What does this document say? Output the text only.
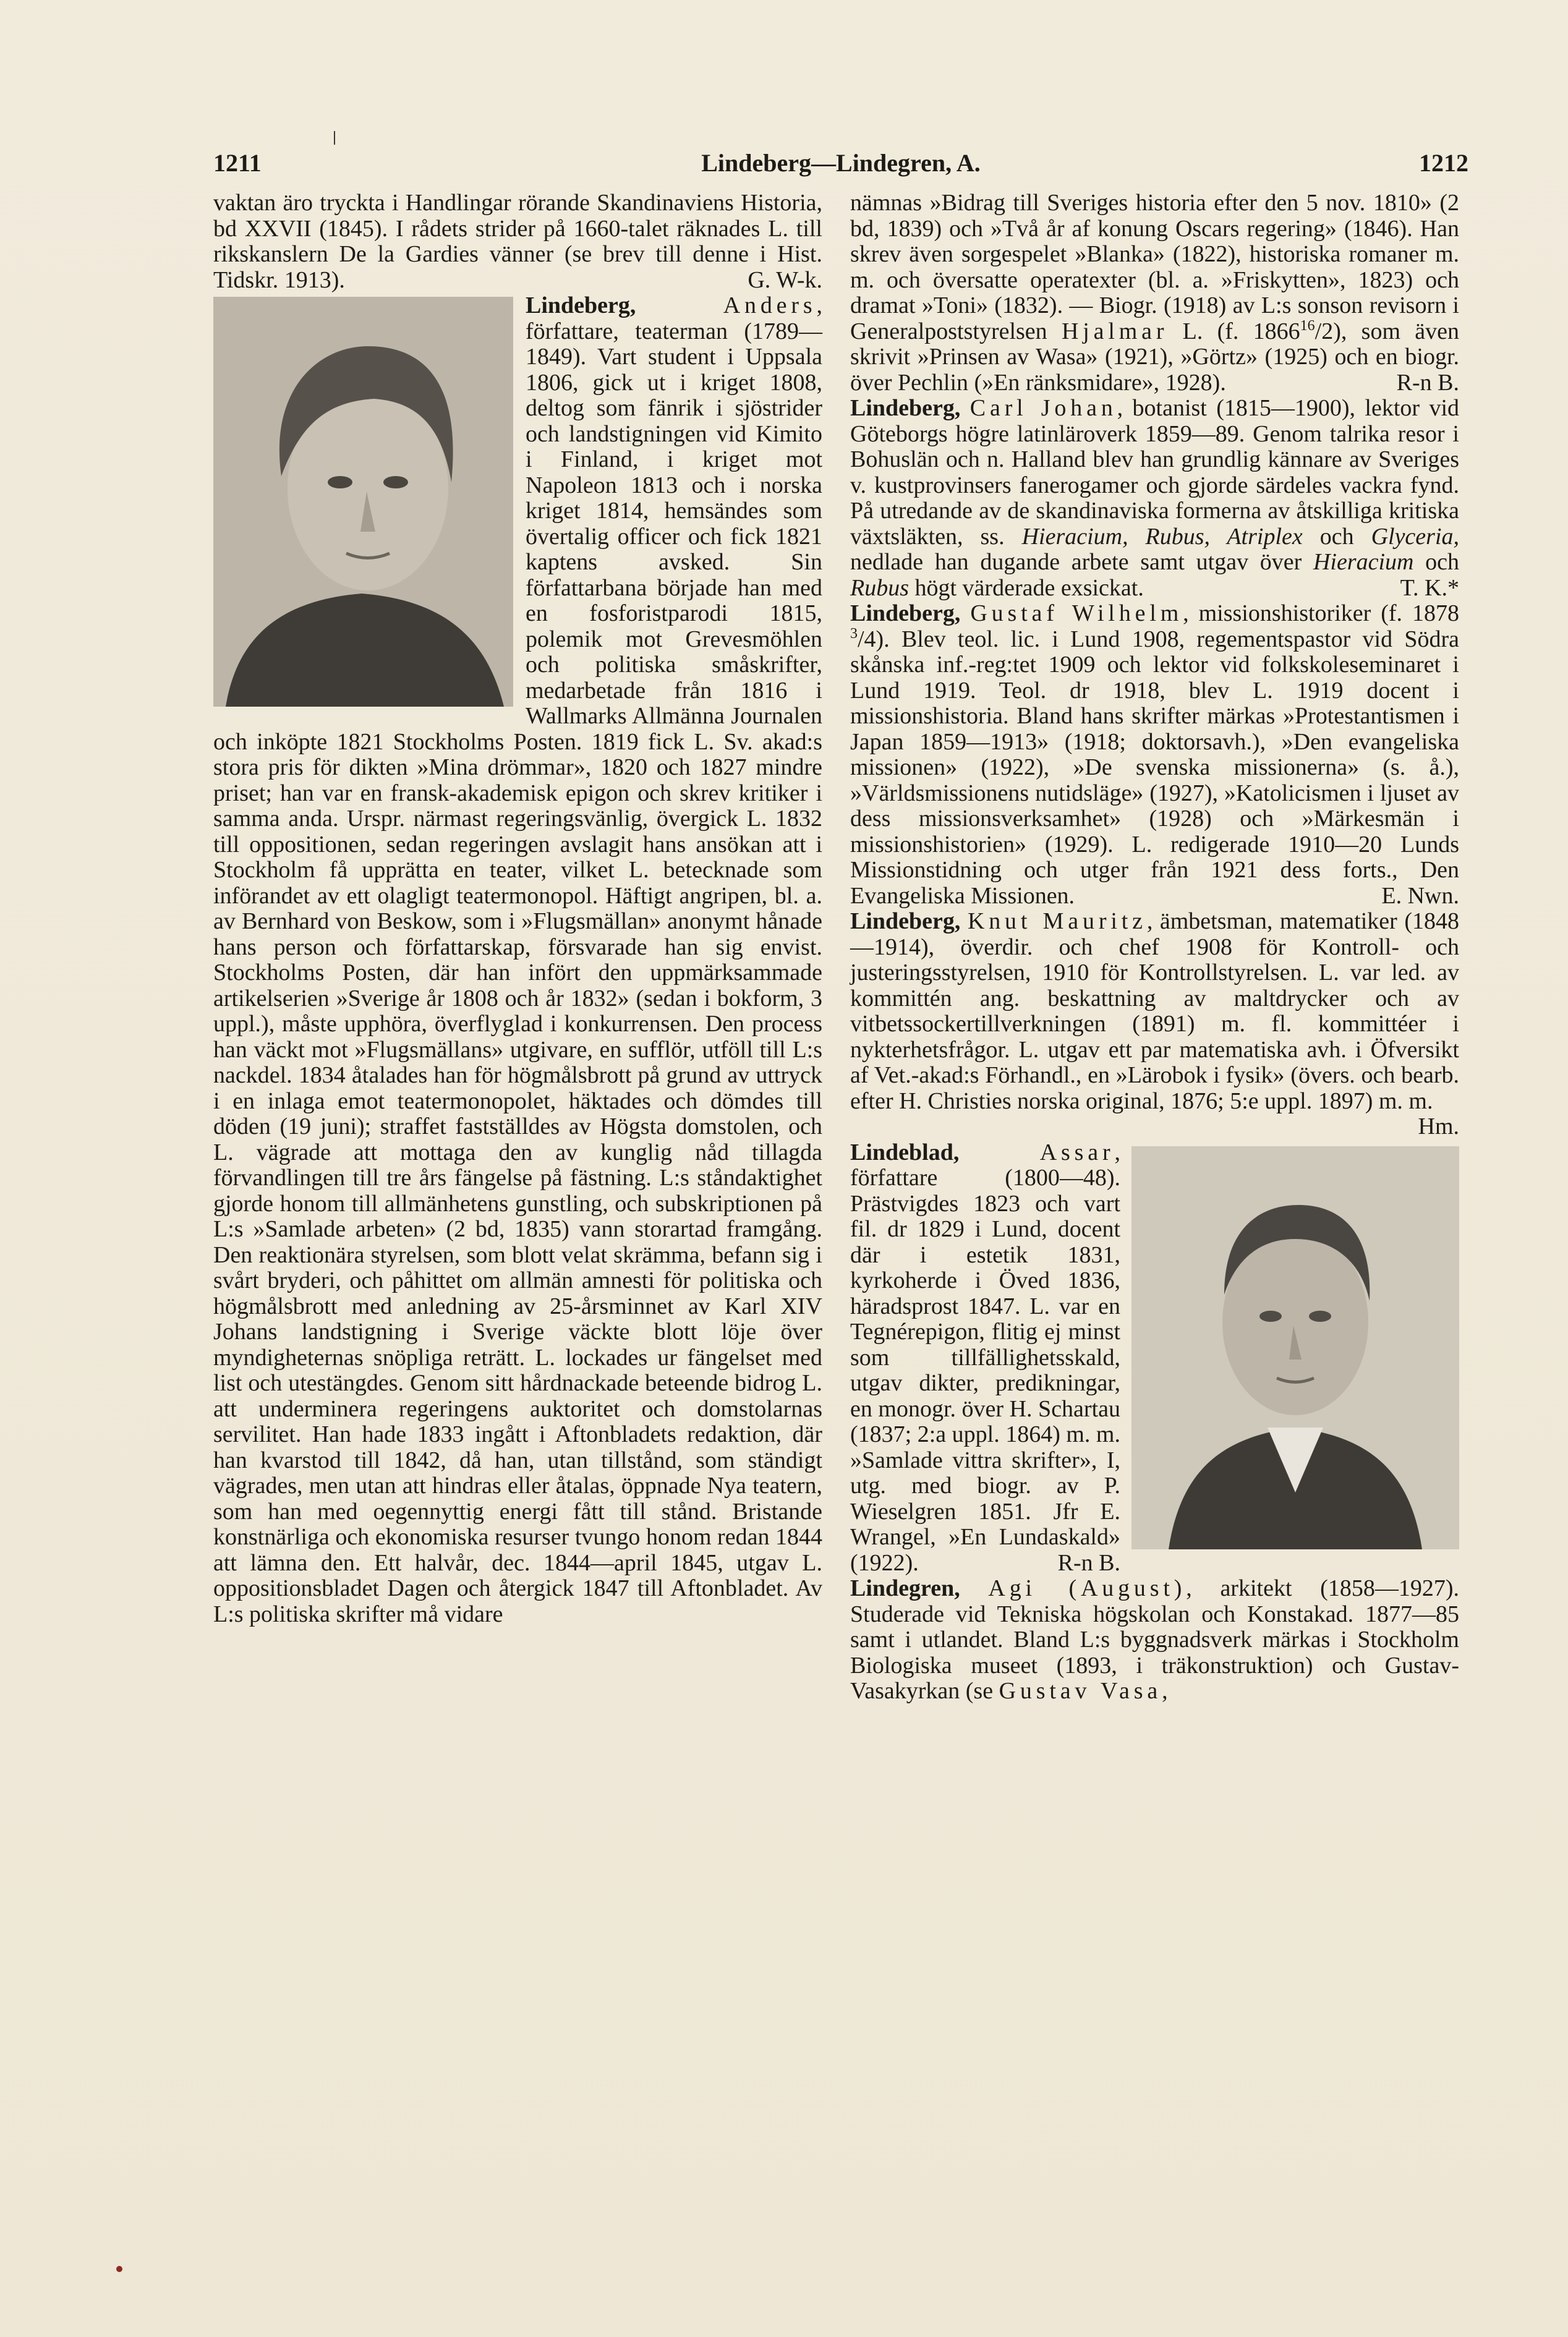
1211	Lindeberg—Lindegren, A.	1212

vaktan äro tryckta i Handlingar rörande Skandinaviens Historia, bd XXVII (1845). I rådets strider på 1660-talet räknades L. till rikskanslern De la Gardies vänner (se brev till denne i Hist. Tidskr. 1913).	G. W-k.

Lindeberg,	Anders
, författare, teaterman (1789—1849). Vart student i Uppsala 1806, gick ut i kriget 1808, deltog som fänrik i sjöstrider och landstigningen vid Kimito i Finland, i kriget mot Napoleon 1813 och i norska kriget 1814, hemsändes som övertalig officer och fick 1821 kaptens avsked. Sin författarbana började han med en fosforistparodi 1815, polemik mot Grevesmöhlen och politiska småskrifter, medarbetade från 1816 i Wallmarks Allmänna Journalen och inköpte 1821 Stockholms Posten. 1819 fick L. Sv. akad:s stora pris för dikten »Mina drömmar», 1820 och 1827 mindre priset; han var en fransk-akademisk epigon och skrev kritiker i samma anda. Urspr. närmast regeringsvänlig, övergick L. 1832 till oppositionen, sedan regeringen avslagit hans ansökan att i Stockholm få upprätta en teater, vilket L. betecknade som införandet av ett olagligt teatermonopol. Häftigt angripen, bl. a. av Bernhard von Beskow, som i »Flugsmällan» anonymt hånade hans person och författarskap, försvarade han sig envist. Stockholms Posten, där han infört den uppmärksammade artikelserien »Sverige år 1808 och år 1832» (sedan i bokform, 3 uppl.), måste upphöra, överflyglad i konkurrensen. Den process han väckt mot »Flugsmällans» utgivare, en sufflör, utföll till L:s nackdel. 1834 åtalades han för högmålsbrott på grund av uttryck i en inlaga emot teatermonopolet, häktades och dömdes till döden (19 juni); straffet fastställdes av Högsta domstolen, och L. vägrade att mottaga den av kunglig nåd tillagda förvandlingen till tre års fängelse på fästning. L:s ståndaktighet gjorde honom till allmänhetens gunstling, och subskriptionen på L:s »Samlade arbeten» (2 bd, 1835) vann storartad framgång. Den reaktionära styrelsen, som blott velat skrämma, befann sig i svårt bryderi, och påhittet om allmän amnesti för politiska och högmålsbrott med anledning av 25-årsminnet av Karl XIV Johans landstigning i Sverige väckte blott löje över myndigheternas snöpliga reträtt. L. lockades ur fängelset med list och utestängdes. Genom sitt hårdnackade beteende bidrog L. att underminera regeringens auktoritet och domstolarnas servilitet. Han hade 1833 ingått i Aftonbladets redaktion, där han kvarstod till 1842, då han, utan tillstånd, som ständigt vägrades, men utan att hindras eller åtalas, öppnade Nya teatern, som han med oegennyttig energi fått till stånd. Bristande konstnärliga och ekonomiska resurser tvungo honom redan 1844 att lämna den. Ett halvår, dec. 1844—april 1845, utgav L. oppositionsbladet Dagen och återgick 1847 till Aftonbladet. Av L:s politiska skrifter må vidare

nämnas »Bidrag till Sveriges historia efter den 5 nov. 1810» (2 bd, 1839) och »Två år af konung Oscars regering» (1846). Han skrev även sorgespelet »Blanka» (1822), historiska romaner m. m. och översatte operatexter (bl. a. »Friskytten», 1823) och dramat »Toni» (1832). — Biogr. (1918) av L:s sonson revisorn i Generalpoststyrelsen Hjalmar L. (f. 1866$^{16}$/2), som även skrivit »Prinsen av Wasa» (1921), »Görtz» (1925) och en biogr. över Pechlin (»En ränksmidare», 1928).	R-n B.

Lindeberg, Carl Johan, botanist (1815—1900), lektor vid Göteborgs högre latinläroverk 1859—89. Genom talrika resor i Bohuslän och n. Halland blev han grundlig kännare av Sveriges v. kustprovinsers fanerogamer och gjorde särdeles vackra fynd. På utredande av de skandinaviska formerna av åtskilliga kritiska växtsläkten, ss. Hieracium, Rubus, Atriplex och Glyceria, nedlade han dugande arbete samt utgav över Hieracium och Rubus högt värderade exsickat.	T. K.*

Lindeberg, Gustaf Wilhelm, missionshistoriker (f. 1878 $^3$/4). Blev teol. lic. i Lund 1908, regementspastor vid Södra skånska inf.-reg:tet 1909 och lektor vid folkskoleseminaret i Lund 1919. Teol. dr 1918, blev L. 1919 docent i missionshistoria. Bland hans skrifter märkas »Protestantismen i Japan 1859—1913» (1918; doktorsavh.), »Den evangeliska missionen» (1922), »De svenska missionerna» (s. å.), »Världsmissionens nutidsläge» (1927), »Katolicismen i ljuset av dess missionsverksamhet» (1928) och »Märkesmän i missionshistorien» (1929). L. redigerade 1910—20 Lunds Missionstidning och utger från 1921 dess forts., Den Evangeliska Missionen.	E. Nwn.

Lindeberg, Knut Mauritz, ämbetsman, matematiker (1848—1914), överdir. och chef 1908 för Kontroll- och justeringsstyrelsen, 1910 för Kontrollstyrelsen. L. var led. av kommittén ang. beskattning av maltdrycker och av vitbetssockertillverkningen (1891) m. fl. kommittéer i nykterhetsfrågor. L. utgav ett par matematiska avh. i Öfversikt af Vet.-akad:s Förhandl., en »Lärobok i fysik» (övers. och bearb. efter H. Christies norska original, 1876; 5:e uppl. 1897) m. m.
Hm.

Lindeblad,	Assar, författare (1800—48). Prästvigdes 1823 och vart fil. dr 1829 i Lund, docent där i estetik 1831, kyrkoherde i Öved 1836, häradsprost 1847. L. var en Tegnérepigon, flitig ej minst som tillfällighetsskald, utgav dikter, predikningar, en monogr. över H. Schartau (1837; 2:a uppl. 1864) m. m. »Samlade vittra skrifter», I, utg. med biogr. av P. Wieselgren 1851. Jfr E. Wrangel, »En Lundaskald» (1922).	R-n B.

Lindegren, Agi (August), arkitekt (1858—1927). Studerade vid Tekniska högskolan och Konstakad. 1877—85 samt i utlandet. Bland L:s byggnadsverk märkas i Stockholm Biologiska museet (1893, i träkonstruktion) och Gustav-Vasakyrkan (se Gustav Vasa,
